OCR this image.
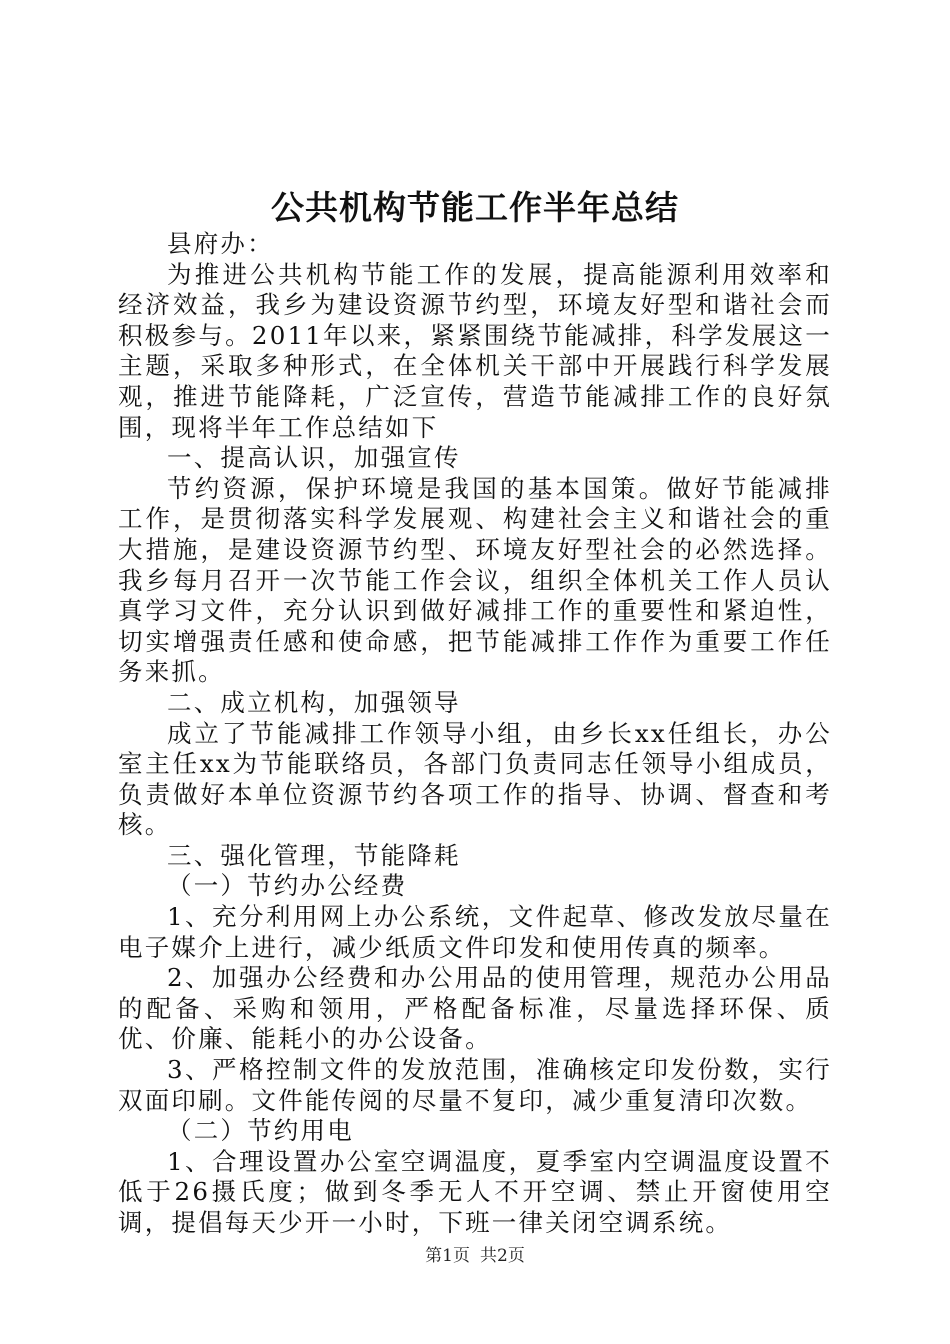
公共机构节能工作半年总结

县府办：

为推进公共机构节能工作的发展，提高能源利用效率和经济效益，我乡为建设资源节约型，环境友好型和谐社会而积极参与。2011年以来，紧紧围绕节能减排，科学发展这一主题，采取多种形式，在全体机关干部中开展践行科学发展观，推进节能降耗，广泛宣传，营造节能减排工作的良好氛围，现将半年工作总结如下

一、提高认识，加强宣传

节约资源，保护环境是我国的基本国策。做好节能减排工作，是贯彻落实科学发展观、构建社会主义和谐社会的重大措施，是建设资源节约型、环境友好型社会的必然选择。我乡每月召开一次节能工作会议，组织全体机关工作人员认真学习文件，充分认识到做好减排工作的重要性和紧迫性，切实增强责任感和使命感，把节能减排工作作为重要工作任务来抓。

二、成立机构，加强领导

成立了节能减排工作领导小组，由乡长xx任组长，办公室主任xx为节能联络员，各部门负责同志任领导小组成员，负责做好本单位资源节约各项工作的指导、协调、督查和考核。

三、强化管理，节能降耗

（一）节约办公经费

1、充分利用网上办公系统，文件起草、修改发放尽量在电子媒介上进行，减少纸质文件印发和使用传真的频率。

2、加强办公经费和办公用品的使用管理，规范办公用品的配备、采购和领用，严格配备标准，尽量选择环保、质优、价廉、能耗小的办公设备。

3、严格控制文件的发放范围，准确核定印发份数，实行双面印刷。文件能传阅的尽量不复印，减少重复清印次数。

（二）节约用电

1、合理设置办公室空调温度，夏季室内空调温度设置不低于26摄氏度；做到冬季无人不开空调、禁止开窗使用空调，提倡每天少开一小时，下班一律关闭空调系统。

第1页 共2页
